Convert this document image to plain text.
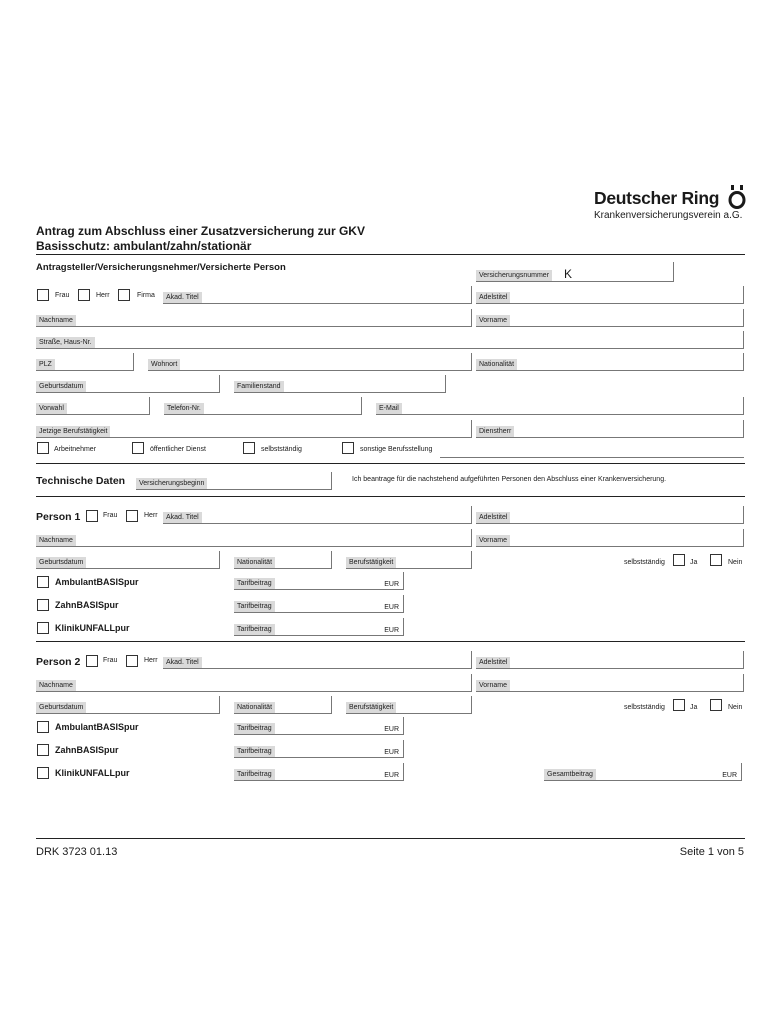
Deutscher Ring
Krankenversicherungsverein a.G.
Antrag zum Abschluss einer Zusatzversicherung zur GKV
Basisschutz: ambulant/zahn/stationär
Antragsteller/Versicherungsnehmer/Versicherte Person
Versicherungsnummer K
Frau	Herr	Firma	Akad. Titel	Adelstitel
Nachname	Vorname
Straße, Haus-Nr.
PLZ	Wohnort	Nationalität
Geburtsdatum	Familienstand
Vorwahl	Telefon-Nr.	E-Mail
Jetzige Berufstätigkeit	Dienstherr
Arbeitnehmer	öffentlicher Dienst	selbstständig	sonstige Berufsstellung
Technische Daten	Versicherungsbeginn
Ich beantrage für die nachstehend aufgeführten Personen den Abschluss einer Krankenversicherung.
Person 1	Frau	Herr	Akad. Titel	Adelstitel
Nachname	Vorname
Geburtsdatum	Nationalität	Berufstätigkeit	selbstständig	Ja	Nein
AmbulantBASISpur	Tarifbeitrag	EUR
ZahnBASISpur	Tarifbeitrag	EUR
KlinikUNFALLpur	Tarifbeitrag	EUR
Person 2	Frau	Herr	Akad. Titel	Adelstitel
Nachname	Vorname
Geburtsdatum	Nationalität	Berufstätigkeit	selbstständig	Ja	Nein
AmbulantBASISpur	Tarifbeitrag	EUR
ZahnBASISpur	Tarifbeitrag	EUR
KlinikUNFALLpur	Tarifbeitrag	EUR	Gesamtbeitrag	EUR
DRK 3723 01.13	Seite 1 von 5
